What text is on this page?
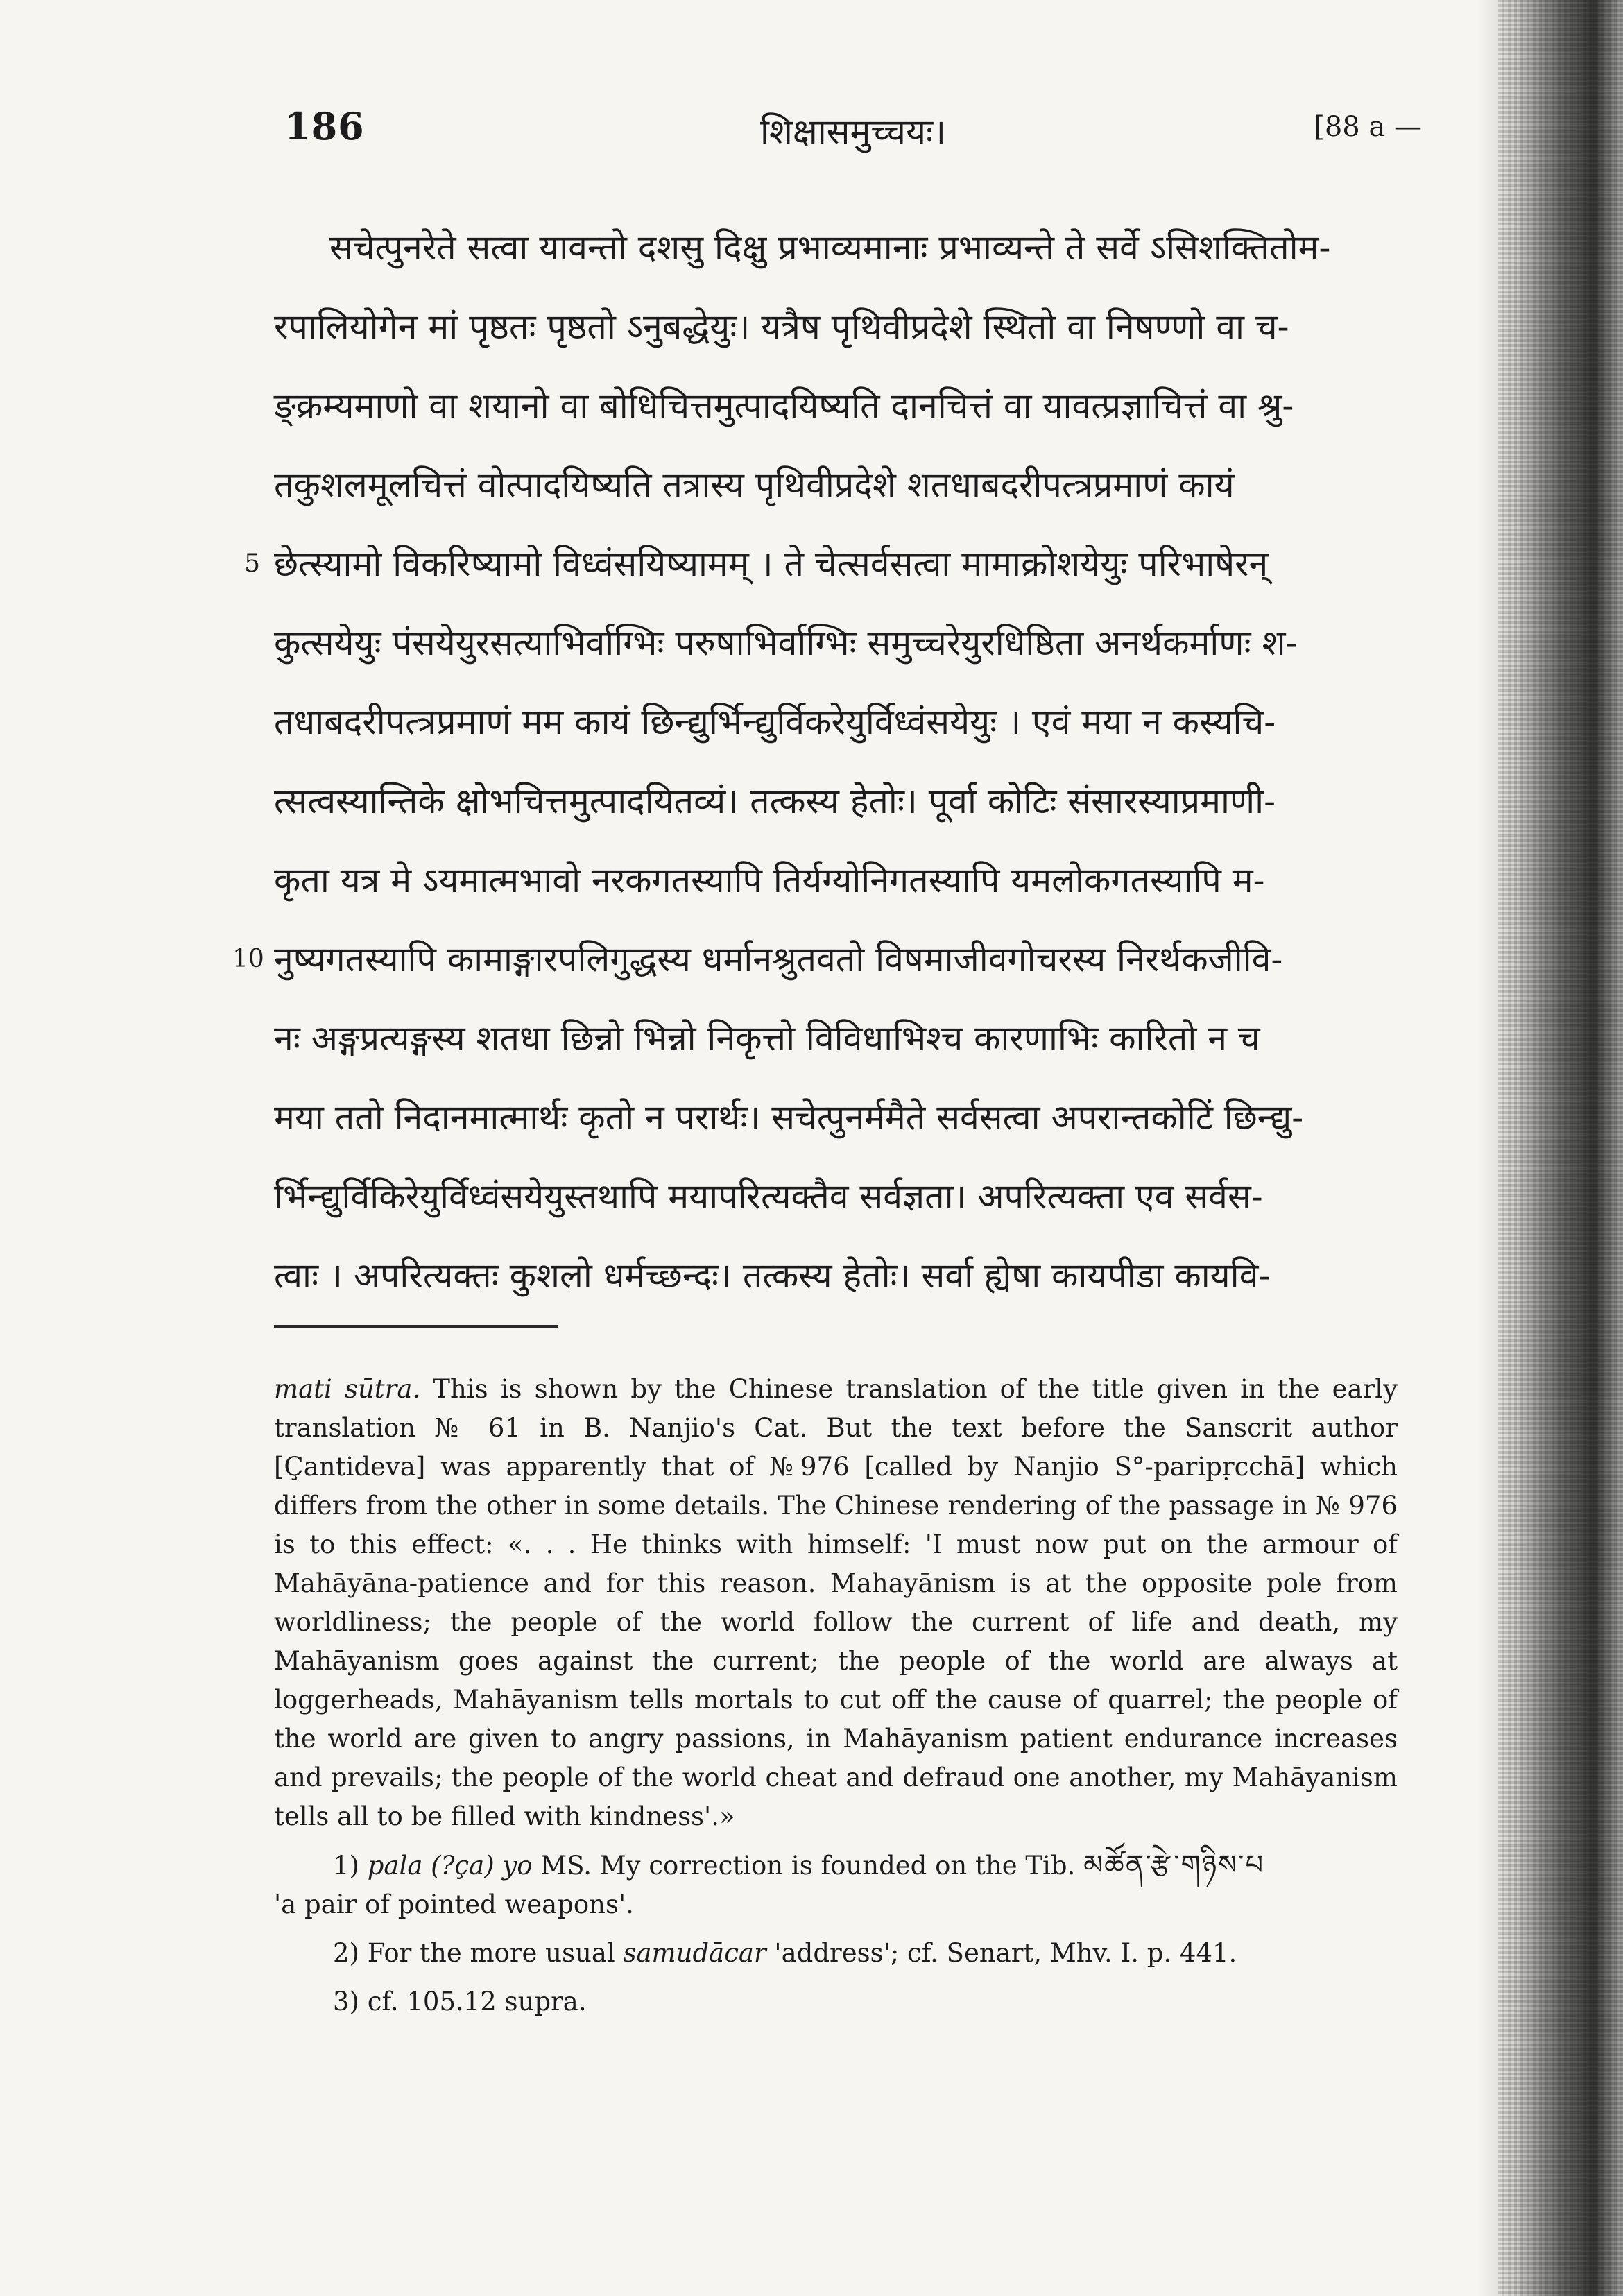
186	शिक्षासमुच्चयः।	[88 a —
सचेत्पुनरेते सत्वा यावन्तो दशसु दिक्षु प्रभाव्यमानाः प्रभाव्यन्ते ते सर्वे ऽसिशक्तितोम-
रपालियोगेन मां पृष्ठतः पृष्ठतो ऽनुबद्धेयुः। यत्रैष पृथिवीप्रदेशे स्थितो वा निषण्णो वा च-
ङ्क्रम्यमाणो वा शयानो वा बोधिचित्तमुत्पादयिष्यति दानचित्तं वा यावत्प्रज्ञाचित्तं वा श्रु-
तकुशलमूलचित्तं वोत्पादयिष्यति तत्रास्य पृथिवीप्रदेशे शतधाबदरीपत्त्रप्रमाणं कायं
5 छेत्स्यामो विकरिष्यामो विध्वंसयिष्यामम् । ते चेत्सर्वसत्वा मामाक्रोशयेयुः परिभाषेरन्
कुत्सयेयुः पंसयेयुरसत्याभिर्वाग्भिः परुषाभिर्वाग्भिः समुच्चरेयुरधिष्ठिता अनर्थकर्माणः श-
तधाबदरीपत्त्रप्रमाणं मम कायं छिन्द्युर्भिन्द्युर्विकरेयुर्विध्वंसयेयुः । एवं मया न कस्यचि-
त्सत्वस्यान्तिके क्षोभचित्तमुत्पादयितव्यं। तत्कस्य हेतोः। पूर्वा कोटिः संसारस्याप्रमाणी-
कृता यत्र मे ऽयमात्मभावो नरकगतस्यापि तिर्यग्योनिगतस्यापि यमलोकगतस्यापि म-
10 नुष्यगतस्यापि कामाङ्गारपलिगुद्धस्य धर्मानश्रुतवतो विषमाजीवगोचरस्य निरर्थकजीवि-
नः अङ्गप्रत्यङ्गस्य शतधा छिन्नो भिन्नो निकृत्तो विविधाभिश्च कारणाभिः कारितो न च
मया ततो निदानमात्मार्थः कृतो न परार्थः। सचेत्पुनर्ममैते सर्वसत्वा अपरान्तकोटिं छिन्द्यु-
र्भिन्द्युर्विकिरेयुर्विध्वंसयेयुस्तथापि मयापरित्यक्तैव सर्वज्ञता। अपरित्यक्ता एव सर्वस-
त्वाः । अपरित्यक्तः कुशलो धर्मच्छन्दः। तत्कस्य हेतोः। सर्वा ह्येषा कायपीडा कायवि-

mati sūtra. This is shown by the Chinese translation of the title given in the early translation № 61 in B. Nanjio's Cat. But the text before the Sanscrit author [Çantideva] was apparently that of №976 [called by Nanjio S°-paripṛcchā] which differs from the other in some details. The Chinese rendering of the passage in № 976 is to this effect: «. . . He thinks with himself: 'I must now put on the armour of Mahāyāna-patience and for this reason. Mahayānism is at the opposite pole from worldliness; the people of the world follow the current of life and death, my Mahāyanism goes against the current; the people of the world are always at loggerheads, Mahāyanism tells mortals to cut off the cause of quarrel; the people of the world are given to angry passions, in Mahāyanism patient endurance increases and prevails; the people of the world cheat and defraud one another, my Mahāyanism tells all to be filled with kindness'.»

1) pala (?ça) yo MS. My correction is founded on the Tib. མཚོན་རྩེ་གཉིས་པ

'a pair of pointed weapons'.

2) For the more usual samudācar 'address'; cf. Senart, Mhv. I. p. 441.

3) cf. 105.12 supra.
